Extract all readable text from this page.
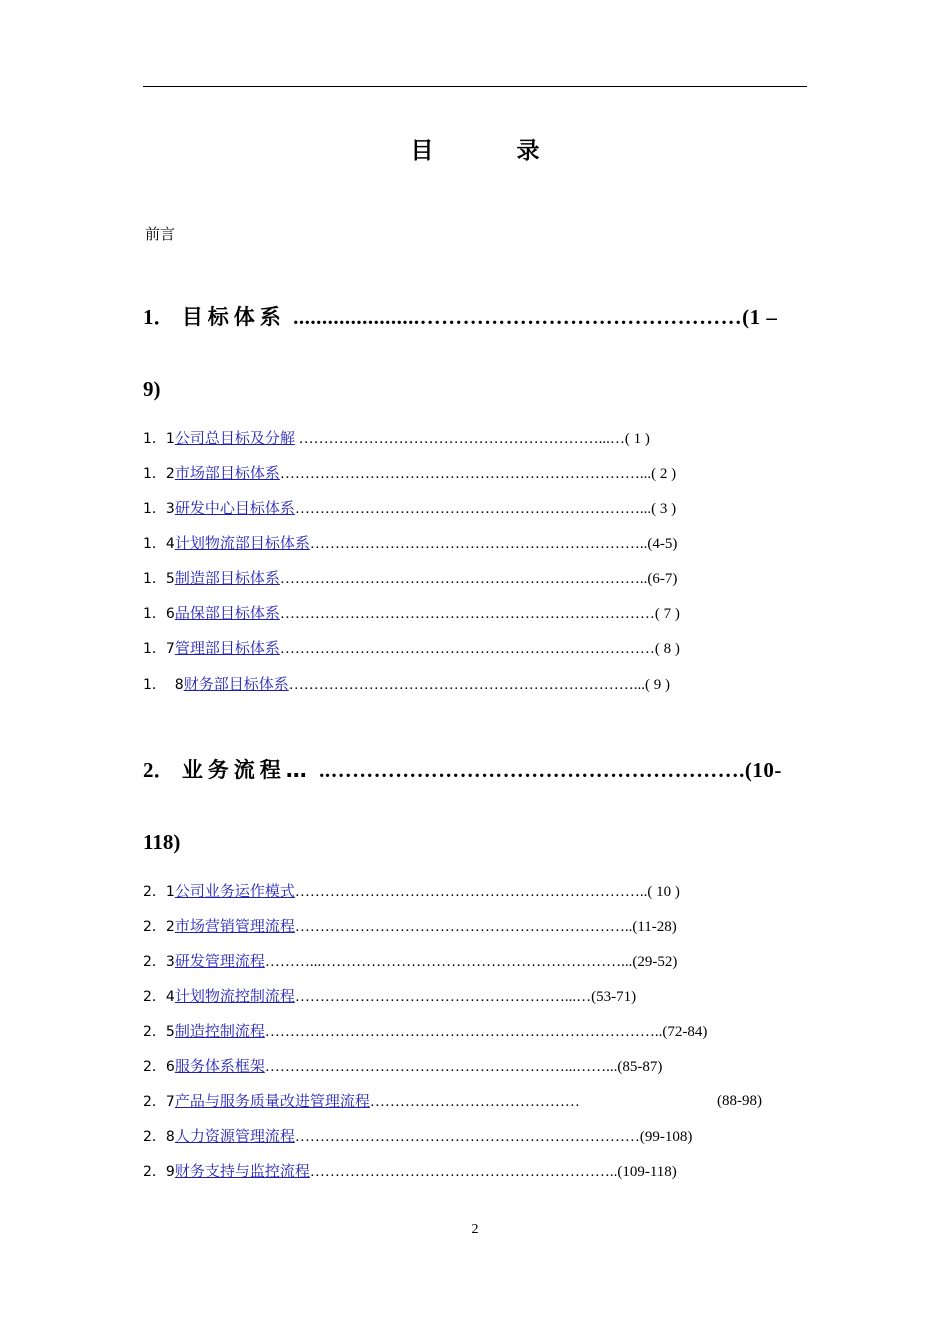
目　录
前言
1． 目标体系 ......................………………………………………(1 –
9)
1．1公司总目标及分解 ……………………………………………………...…( 1 )
1．2市场部目标体系………………………………………………………………...( 2 )
1．3研发中心目标体系……………………………………………………………...( 3 )
1．4计划物流部目标体系…………………………………………………………..(4-5)
1．5制造部目标体系………………………………………………………………..(6-7)
1．6品保部目标体系…………………………………………………………………( 7 )
1．7管理部目标体系…………………………………………………………………( 8 )
1．  8财务部目标体系……………………………………………………………...( 9 )
2． 业务流程… ..………………………………………………….(10-
118)
2．1公司业务运作模式……………………………………………………………..( 10 )
2．2市场营销管理流程…………………………………………………………..(11-28)
2．3研发管理流程………...……………………………………………………...(29-52)
2．4计划物流控制流程………………………………………………...…(53-71)
2．5制造控制流程……………………………………………………………………..(72-84)
2．6服务体系框架……………………………………………………...……...(85-87)
2．7产品与服务质量改进管理流程……………………………………	(88-98)
2．8人力资源管理流程……………………………………………………………(99-108)
2．9财务支持与监控流程……………………………………………………..(109-118)
2
